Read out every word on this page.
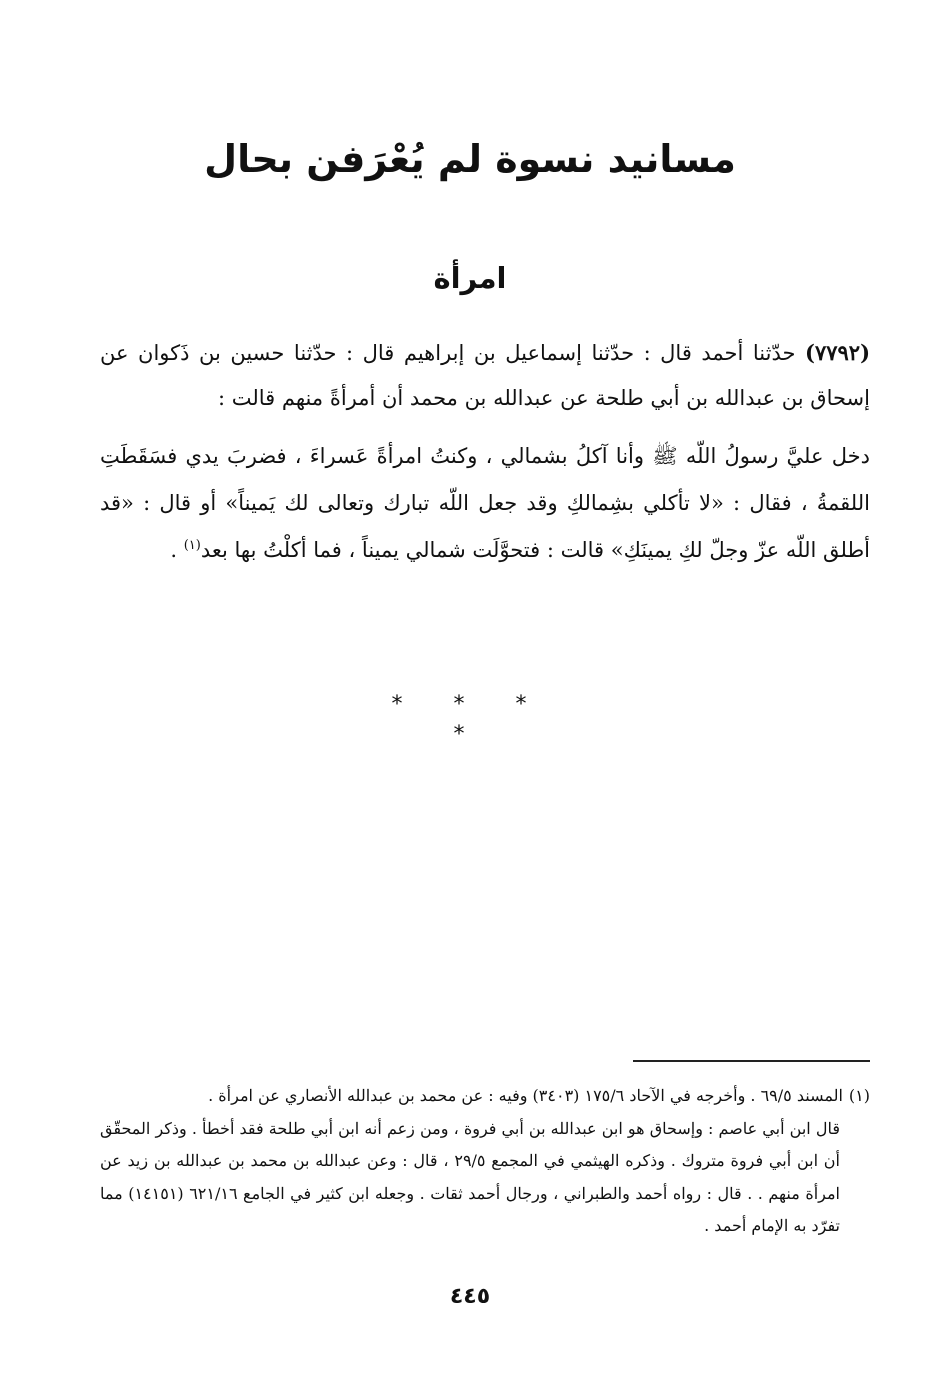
مسانيد نسوة لم يُعْرَفن بحال
امرأة

(٧٧٩٢) حدّثنا أحمد قال : حدّثنا إسماعيل بن إبراهيم قال : حدّثنا حسين بن ذَكوان عن إسحاق بن عبدالله بن أبي طلحة عن عبدالله بن محمد أن أمرأةً منهم قالت :

دخل عليَّ رسولُ اللّه ﷺ وأنا آكلُ بشمالي ، وكنتُ امرأةً عَسراءَ ، فضربَ يدي فسَقَطَتِ اللقمةُ ، فقال : «لا تأكلي بشِمالكِ وقد جعل اللّه تبارك وتعالى لك يَميناً» أو قال : «قد أطلق اللّه عزّ وجلّ لكِ يمينَكِ» قالت : فتحوَّلَت شمالي يميناً ، فما أكلْتُ بها بعد$^{(١)}$ .

* * * *

(١)المسند ٦٩/٥ . وأخرجه في الآحاد ١٧٥/٦ (٣٤٠٣) وفيه : عن محمد بن عبدالله الأنصاري عن امرأة .
قال ابن أبي عاصم : وإسحاق هو ابن عبدالله بن أبي فروة ، ومن زعم أنه ابن أبي طلحة فقد أخطأ . وذكر المحقّق أن ابن أبي فروة متروك . وذكره الهيثمي في المجمع ٢٩/٥ ، قال : وعن عبدالله بن محمد بن عبدالله بن زيد عن امرأة منهم . . قال : رواه أحمد والطبراني ، ورجال أحمد ثقات . وجعله ابن كثير في الجامع ٦٢١/١٦ (١٤١٥١) مما تفرّد به الإمام أحمد .

٤٤٥
